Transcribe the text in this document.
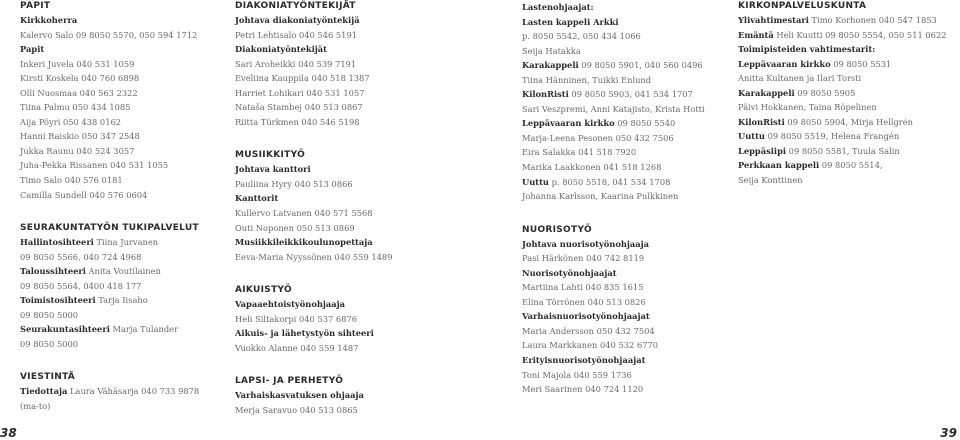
PAPIT
Kirkkoherra
Kalervo Salo 09 8050 5570, 050 594 1712
Papit
Inkeri Juvela 040 531 1059
Kirsti Koskela 040 760 6898
Olli Nuosmaa 040 563 2322
Tiina Palmu 050 434 1085
Aija Pöyri 050 438 0162
Hanni Raiskio 050 347 2548
Jukka Raunu 040 524 3057
Juha-Pekka Rissanen 040 531 1055
Timo Salo 040 576 0181
Camilla Sundell 040 576 0604
SEURAKUNTATYÖN TUKIPALVELUT
Hallintosihteeri Tiina Jurvanen
09 8050 5566, 040 724 4968
Taloussihteeri Anita Voutilainen
09 8050 5564, 0400 418 177
Toimistosihteeri Tarja Iisaho
09 8050 5000
Seurakuntasihteeri Marja Tulander
09 8050 5000
VIESTINTÄ
Tiedottaja Laura Vähäsarja 040 733 9878
(ma-to)
DIAKONIATYÖNTEKIJÄT
Johtava diakoniatyöntekijä
Petri Lehtisalo 040 546 5191
Diakoniatyöntekijät
Sari Aroheikki 040 539 7191
Eveliina Kauppila 040 518 1387
Harriet Lohikari 040 531 1057
Nataša Stambej 040 513 0867
Riitta Türkmen 040 546 5198
MUSIIKKITYÖ
Johtava kanttori
Pauliina Hyry 040 513 0866
Kanttorit
Kullervo Latvanen 040 571 5568
Outi Noponen 050 513 0869
Musiikkileikkikoulunopettaja
Eeva-Maria Nyyssönen 040 559 1489
AIKUISTYÖ
Vapaaehtoistyönohjaaja
Heli Siltakorpi 040 537 6876
Aikuis- ja lähetystyön sihteeri
Vuokko Alanne 040 559 1487
LAPSI- JA PERHETYÖ
Varhaiskasvatuksen ohjaaja
Merja Saravuo 040 513 0865
Lastenohjaajat:
Lasten kappeli Arkki
p. 8050 5542, 050 434 1066
Seija Hatakka
Karakappeli 09 8050 5901, 040 560 0496
Tiina Hänninen, Tuikki Enlund
KilonRisti 09 8050 5903, 041 534 1707
Sari Veszpremi, Anni Katajisto, Krista Hotti
Leppävaaran kirkko 09 8050 5540
Marja-Leena Pesonen 050 432 7506
Eira Salakka 041 518 7920
Marika Laakkonen 041 518 1268
Uuttu p. 8050 5518, 041 534 1708
Johanna Karlsson, Kaarina Pulkkinen
NUORISOTYÖ
Johtava nuorisotyönohjaaja
Pasi Härkönen 040 742 8119
Nuorisotyönohjaajat
Martiina Lahti 040 835 1615
Elina Törrönen 040 513 0826
Varhaisnuorisotyönohjaajat
Maria Andersson 050 432 7504
Laura Markkanen 040 532 6770
Erityisnuorisotyönohjaajat
Toni Majola 040 559 1736
Meri Saarinen 040 724 1120
KIRKONPALVELUSKUNTA
Ylivahtimestari Timo Korhonen 040 547 1853
Emäntä Heli Kuutti 09 8050 5554, 050 511 0622
Toimipisteiden vahtimestarit:
Leppävaaran kirkko 09 8050 5531
Anitta Kultanen ja Ilari Torsti
Karakappeli 09 8050 5905
Päivi Hokkanen, Taina Röpelinen
KilonRisti 09 8050 5904, Mirja Hellgrén
Uuttu 09 8050 5519, Helena Frangén
Leppäsiipi 09 8050 5581, Tuula Salin
Perkkaan kappeli 09 8050 5514,
Seija Konttinen
38	39
